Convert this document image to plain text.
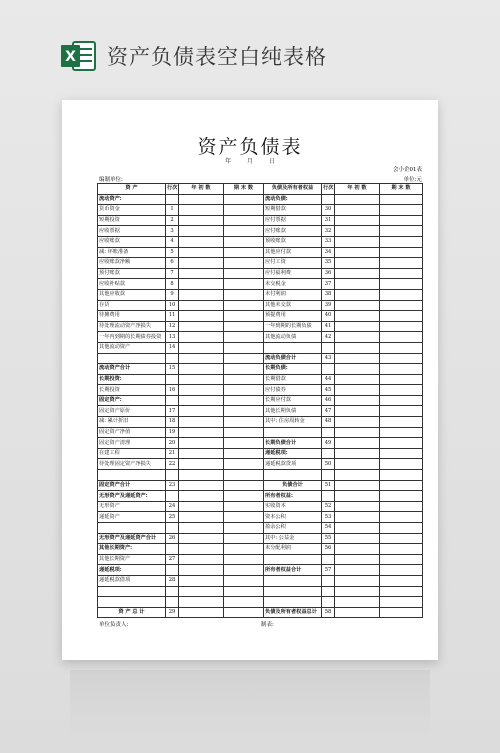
X 资产负债表空白纯表格
资产负债表
年 月 日
会小企01表
编制单位:	单位:元
资 产	行次	年 初 数	期 末 数	负债及所有者权益	行次	年 初 数	期 末 数
流动资产:				流动负债:			
货币资金	1			短期借款	30		
短期投资	2			应付票据	31		
应收票据	3			应付账款	32		
应收账款	4			预收账款	33		
减: 坏账准备	5			其他应付款	34		
应收账款净额	6			应付工资	35		
预付账款	7			应付福利费	36		
应收补贴款	8			未交税金	37		
其他应收款	9			未付利润	38		
存货	10			其他未交款	39		
待摊费用	11			预提费用	40		
待处理流动资产净损失	12			一年到期的长期负债	41		
一年内到期的长期债券投资	13			其他流动负债	42		
其他流动资产	14						
				流动负债合计	43		
流动资产合计	15			长期负债:			
长期投资:				长期借款	44		
长期投资	16			应付债券	45		
固定资产:				长期应付款	46		
固定资产原价	17			其他长期负债	47		
减: 累计折旧	18			其中: 住房周转金	48		
固定资产净值	19						
固定资产清理	20			长期负债合计	49		
在建工程	21			递延税项:			
待处理固定资产净损失	22			递延税款贷项	50		

固定资产合计	23			负债合计	51		
无形资产及递延资产:				所有者权益:			
无形资产	24			实收资本	52		
递延资产	25			资本公积	53		
				盈余公积	54		
无形资产及递延资产合计	26			其中: 公益金	55		
其他长期资产:				未分配利润	56		
其他长期资产	27						
递延税项:				所有者权益合计	57		
递延税款借项	28						

资 产 总 计	29			负债及所有者权益总计	58		
单位负责人:	制表:
